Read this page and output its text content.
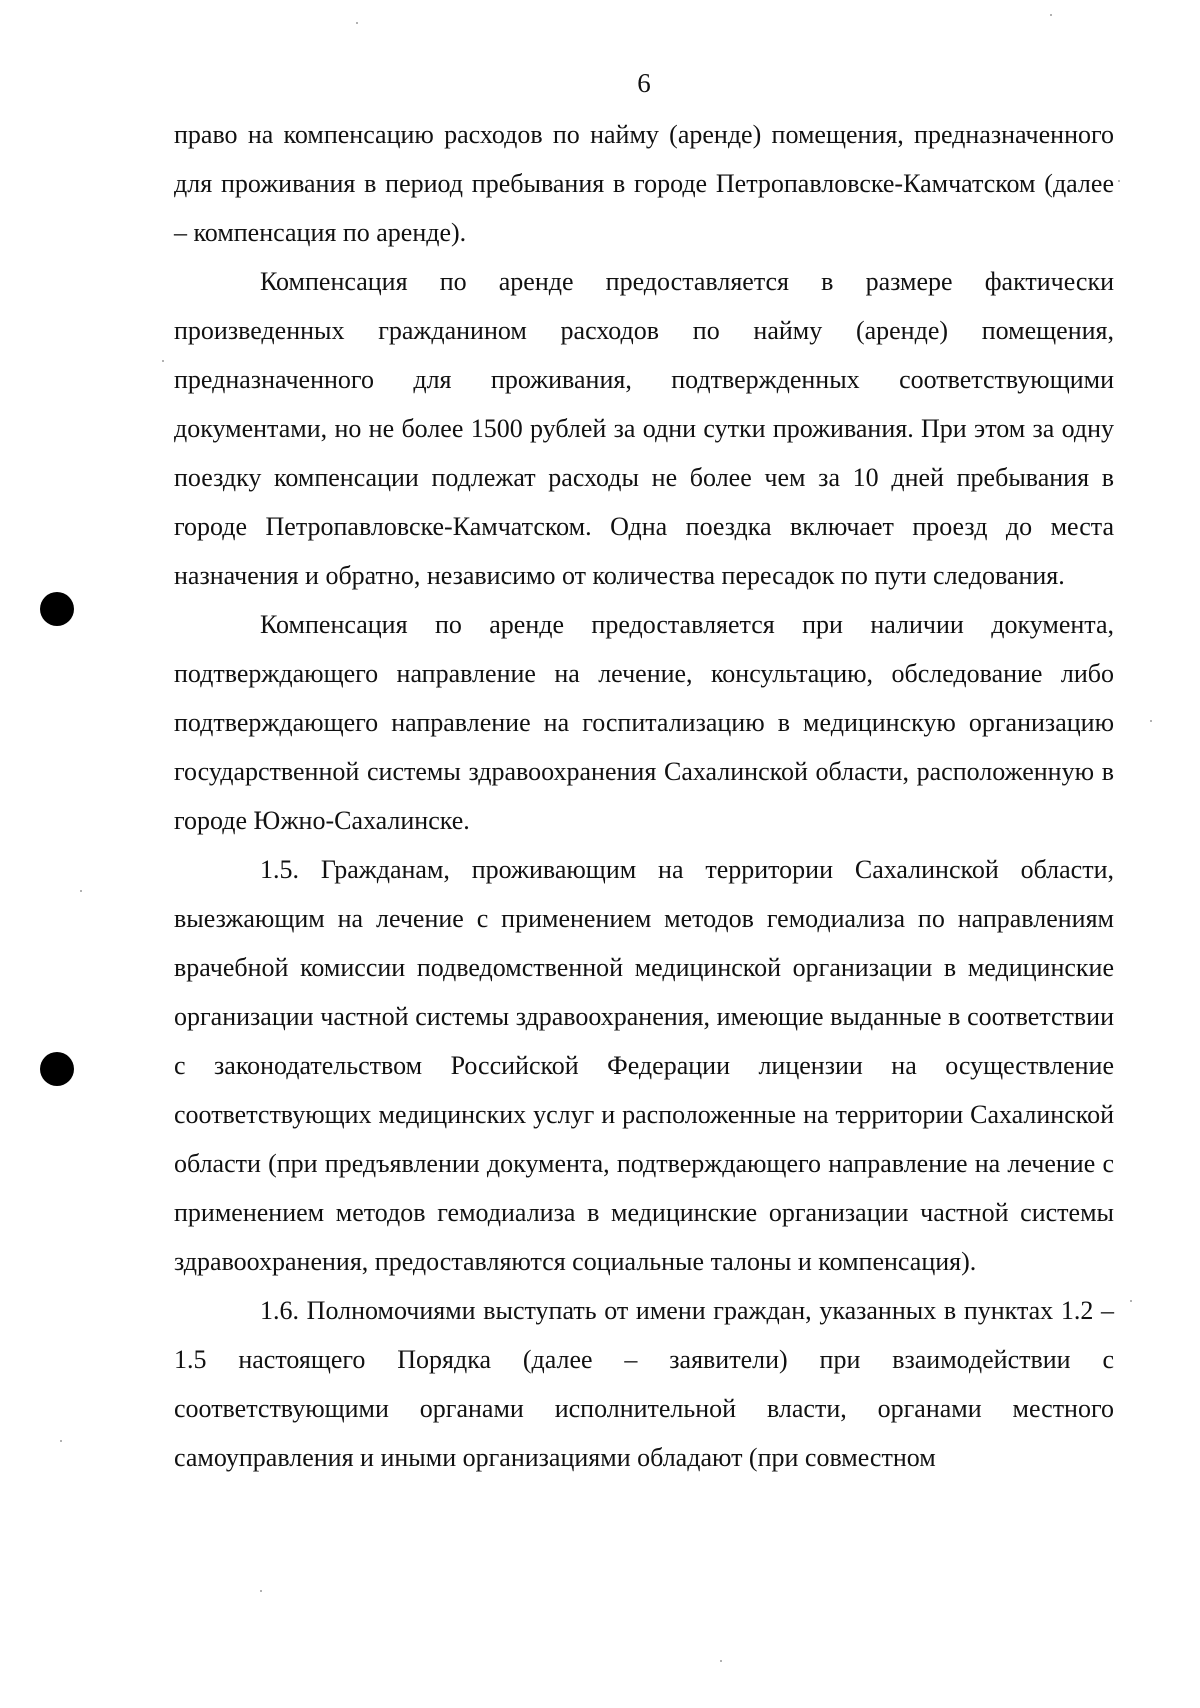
6

право на компенсацию расходов по найму (аренде) помещения, предназначенного для проживания в период пребывания в городе Петропавловске-Камчатском (далее – компенсация по аренде).

Компенсация по аренде предоставляется в размере фактически произведенных гражданином расходов по найму (аренде) помещения, предназначенного для проживания, подтвержденных соответствующими документами, но не более 1500 рублей за одни сутки проживания. При этом за одну поездку компенсации подлежат расходы не более чем за 10 дней пребывания в городе Петропавловске-Камчатском. Одна поездка включает проезд до места назначения и обратно, независимо от количества пересадок по пути следования.

Компенсация по аренде предоставляется при наличии документа, подтверждающего направление на лечение, консультацию, обследование либо подтверждающего направление на госпитализацию в медицинскую организацию государственной системы здравоохранения Сахалинской области, расположенную в городе Южно-Сахалинске.

1.5. Гражданам, проживающим на территории Сахалинской области, выезжающим на лечение с применением методов гемодиализа по направлениям врачебной комиссии подведомственной медицинской организации в медицинские организации частной системы здравоохранения, имеющие выданные в соответствии с законодательством Российской Федерации лицензии на осуществление соответствующих медицинских услуг и расположенные на территории Сахалинской области (при предъявлении документа, подтверждающего направление на лечение с применением методов гемодиализа в медицинские организации частной системы здравоохранения, предоставляются социальные талоны и компенсация).

1.6. Полномочиями выступать от имени граждан, указанных в пунктах 1.2 – 1.5 настоящего Порядка (далее – заявители) при взаимодействии с соответствующими органами исполнительной власти, органами местного самоуправления и иными организациями обладают (при совместном
